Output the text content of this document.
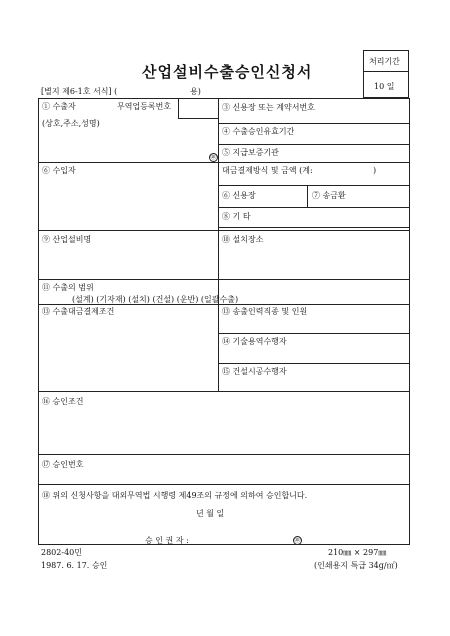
산업설비수출승인신청서
처리기간
10 일
[별지 제6-1호 서식] (	용)
① 수출자	무역업등록번호
(상호,주소,성명)
㊞
③ 신용장 또는 계약서번호
④ 수출승인유효기간
⑤ 지급보증기관
⑥ 수입자	대금결제방식 및 금액 (계:	)
⑥ 신용장	⑦ 송금환
⑧ 기 타
⑨ 산업설비명	⑩ 설치장소
⑪ 수출의 범위
(설계) (기자재) (설치) (건설) (운반) (일괄수출)
⑬ 수출대금결제조건	⑬ 송출인력직종 및 인원
⑭ 기술용역수행자
⑮ 건설시공수행자
⑯ 승인조건
⑰ 승인번호
⑱ 위의 신청사항을 대외무역법 시행령 제49조의 규정에 의하여 승인합니다.
년 월 일
승 인 권 자 :	㊞
2802-40민	210㎜ × 297㎜
1987. 6. 17. 승인	(인쇄용지 특급 34g/㎡)
